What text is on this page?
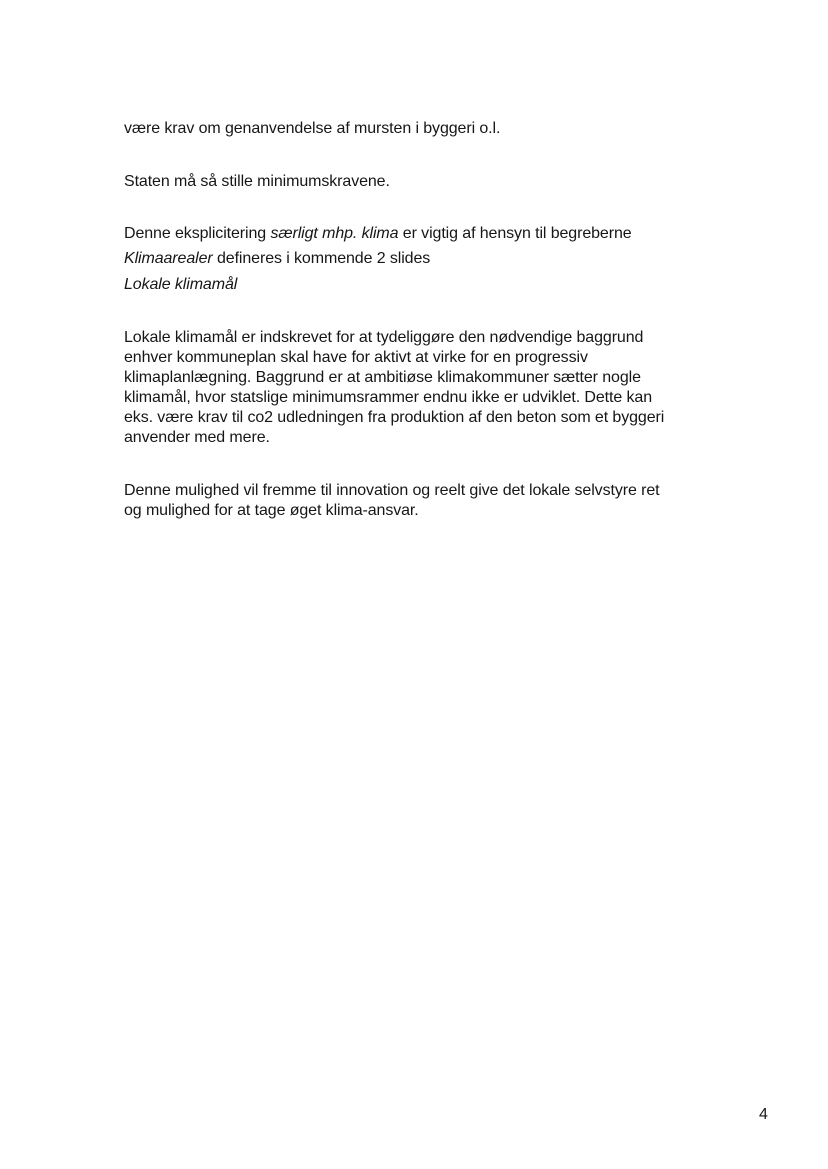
være krav om genanvendelse af mursten i byggeri o.l.
Staten må så stille minimumskravene.
Denne eksplicitering særligt mhp. klima er vigtig af hensyn til begreberne
Klimaarealer defineres i kommende 2 slides
Lokale klimamål
Lokale klimamål er indskrevet for at tydeliggøre den nødvendige baggrund
enhver kommuneplan skal have for aktivt at virke for en progressiv
klimaplanlægning. Baggrund er at ambitiøse klimakommuner sætter nogle
klimamål, hvor statslige minimumsrammer endnu ikke er udviklet. Dette kan
eks. være krav til co2 udledningen fra produktion af den beton som et byggeri
anvender med mere.
Denne mulighed vil fremme til innovation og reelt give det lokale selvstyre ret
og mulighed for at tage øget klima-ansvar.
4
